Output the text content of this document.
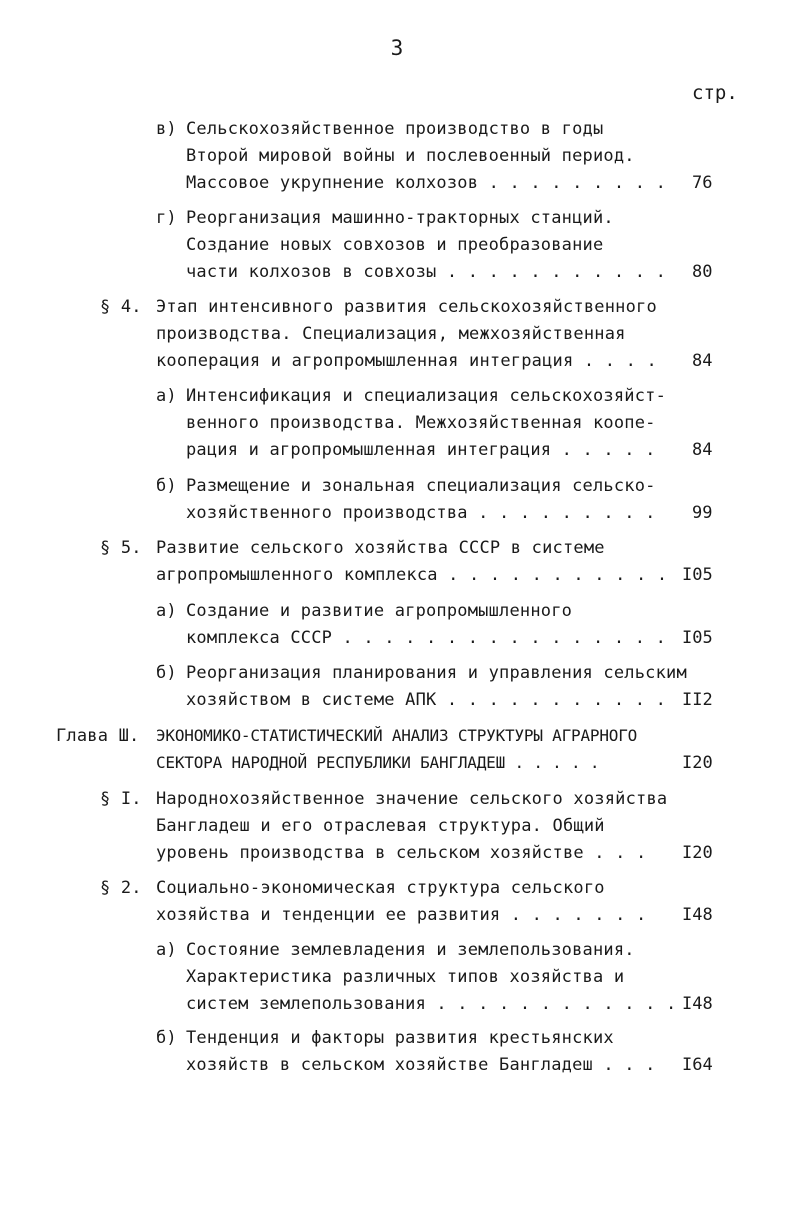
3
стр.
в) Сельскохозяйственное производство в годы
Второй мировой войны и послевоенный период.
Массовое укрупнение колхозов . . . . . . . . . 76
г) Реорганизация машинно-тракторных станций.
Создание новых совхозов и преобразование
части колхозов в совхозы . . . . . . . . . . . 80
§ 4. Этап интенсивного развития сельскохозяйственного
производства. Специализация, межхозяйственная
кооперация и агропромышленная интеграция . . . . 84
а) Интенсификация и специализация сельскохозяйст-
венного производства. Межхозяйственная коопе-
рация и агропромышленная интеграция . . . . . 84
б) Размещение и зональная специализация сельско-
хозяйственного производства . . . . . . . . . 99
§ 5. Развитие сельского хозяйства СССР в системе
агропромышленного комплекса . . . . . . . . . . . I05
а) Создание и развитие агропромышленного
комплекса СССР . . . . . . . . . . . . . . . . I05
б) Реорганизация планирования и управления сельским
хозяйством в системе АПК . . . . . . . . . . . II2
Глава Ш. ЭКОНОМИКО-СТАТИСТИЧЕСКИЙ АНАЛИЗ СТРУКТУРЫ АГРАРНОГО
СЕКТОРА НАРОДНОЙ РЕСПУБЛИКИ БАНГЛАДЕШ . . . . .	I20
§ I. Народнохозяйственное значение сельского хозяйства
Бангладеш и его отраслевая структура. Общий
уровень производства в сельском хозяйстве . . . I20
§ 2. Социально-экономическая структура сельского
хозяйства и тенденции ее развития . . . . . . . I48
а) Состояние землевладения и землепользования.
Характеристика различных типов хозяйства и
систем землепользования . . . . . . . . . . . . I48
б) Тенденция и факторы развития крестьянских
хозяйств в сельском хозяйстве Бангладеш . . . I64
